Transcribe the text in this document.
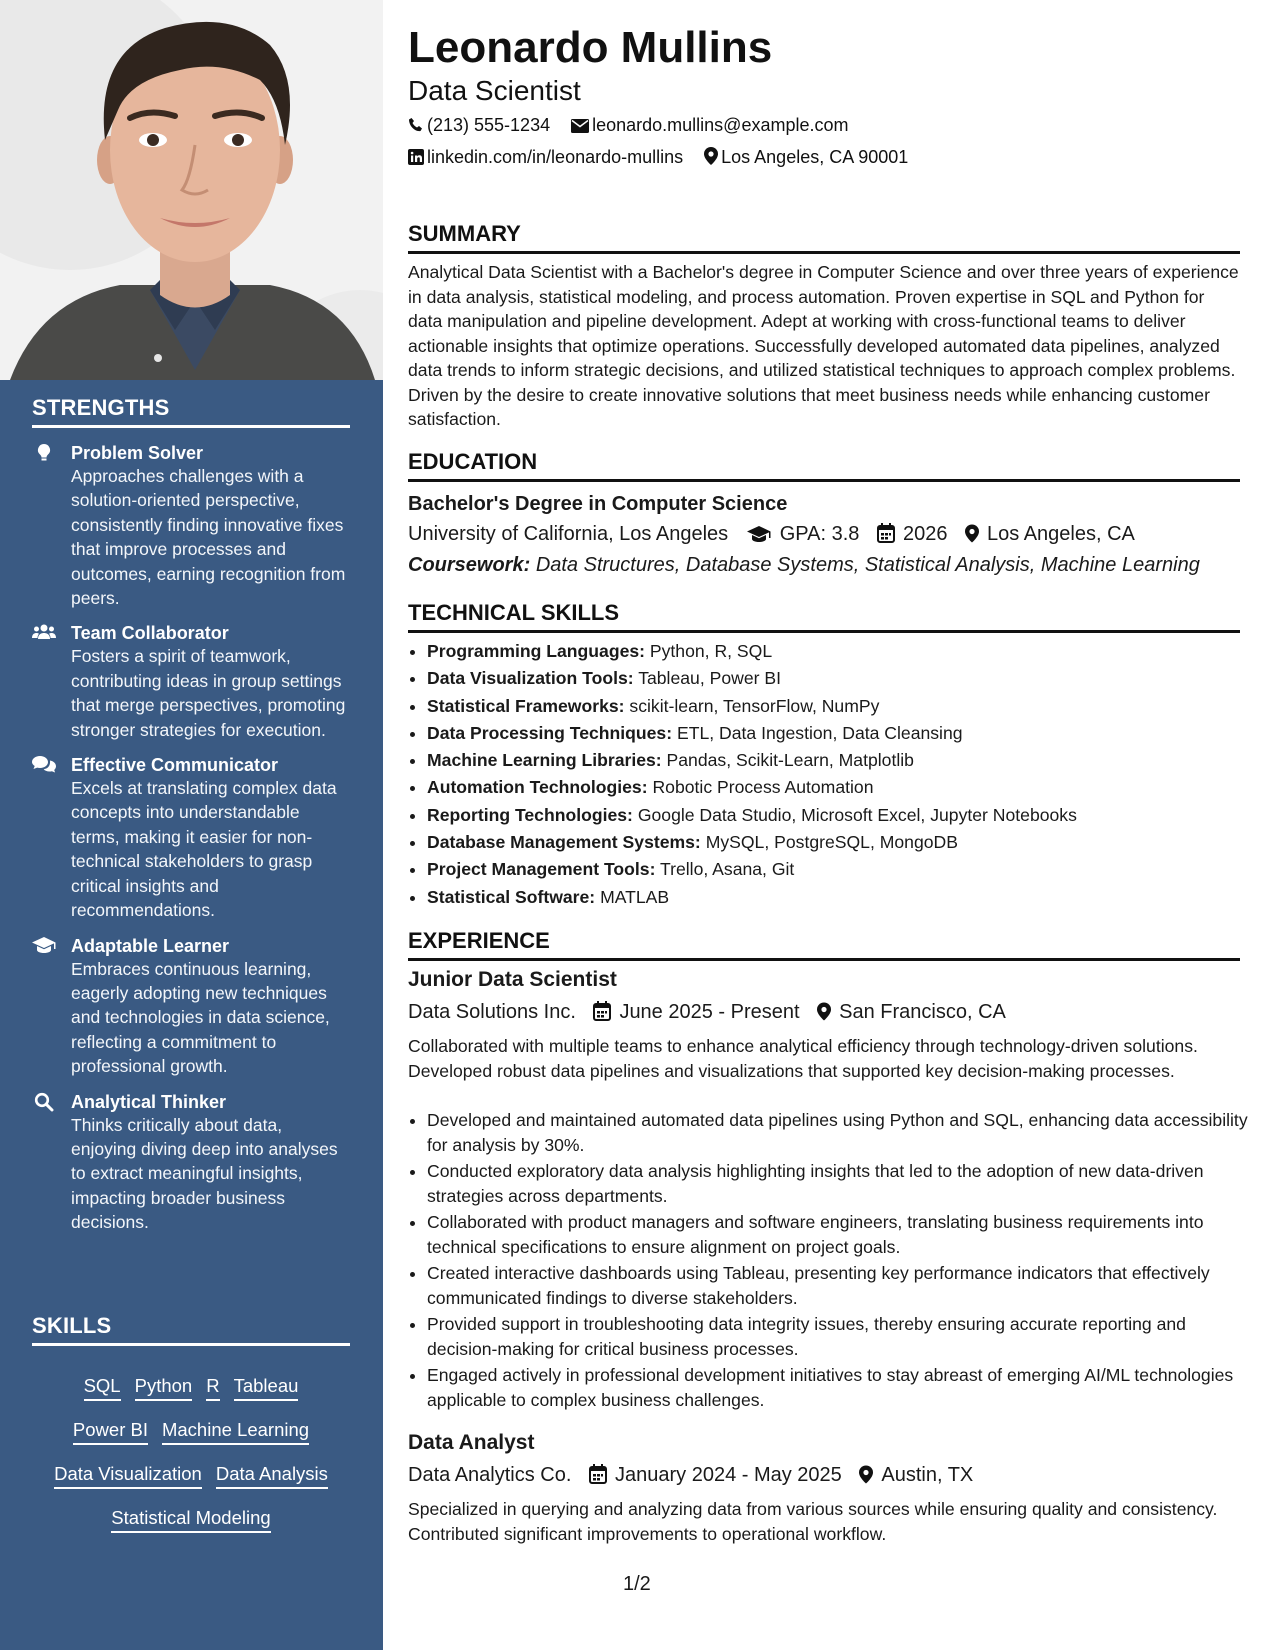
STRENGTHS
Problem Solver
Approaches challenges with a solution-oriented perspective, consistently finding innovative fixes that improve processes and outcomes, earning recognition from peers.
Team Collaborator
Fosters a spirit of teamwork, contributing ideas in group settings that merge perspectives, promoting stronger strategies for execution.
Effective Communicator
Excels at translating complex data concepts into understandable terms, making it easier for non-technical stakeholders to grasp critical insights and recommendations.
Adaptable Learner
Embraces continuous learning, eagerly adopting new techniques and technologies in data science, reflecting a commitment to professional growth.
Analytical Thinker
Thinks critically about data, enjoying diving deep into analyses to extract meaningful insights, impacting broader business decisions.
SKILLS
SQL Python R Tableau
Power BI Machine Learning
Data Visualization Data Analysis
Statistical Modeling
Leonardo Mullins
Data Scientist
(213) 555-1234 leonardo.mullins@example.com
linkedin.com/in/leonardo-mullins Los Angeles, CA 90001
SUMMARY
Analytical Data Scientist with a Bachelor's degree in Computer Science and over three years of experience in data analysis, statistical modeling, and process automation. Proven expertise in SQL and Python for data manipulation and pipeline development. Adept at working with cross-functional teams to deliver actionable insights that optimize operations. Successfully developed automated data pipelines, analyzed data trends to inform strategic decisions, and utilized statistical techniques to approach complex problems. Driven by the desire to create innovative solutions that meet business needs while enhancing customer satisfaction.
EDUCATION
Bachelor's Degree in Computer Science
University of California, Los Angeles	GPA: 3.8 2026 Los Angeles, CA
Coursework: Data Structures, Database Systems, Statistical Analysis, Machine Learning
TECHNICAL SKILLS
• Programming Languages: Python, R, SQL
• Data Visualization Tools: Tableau, Power BI
• Statistical Frameworks: scikit-learn, TensorFlow, NumPy
• Data Processing Techniques: ETL, Data Ingestion, Data Cleansing
• Machine Learning Libraries: Pandas, Scikit-Learn, Matplotlib
• Automation Technologies: Robotic Process Automation
• Reporting Technologies: Google Data Studio, Microsoft Excel, Jupyter Notebooks
• Database Management Systems: MySQL, PostgreSQL, MongoDB
• Project Management Tools: Trello, Asana, Git
• Statistical Software: MATLAB
EXPERIENCE
Junior Data Scientist
Data Solutions Inc. June 2025 - Present San Francisco, CA
Collaborated with multiple teams to enhance analytical efficiency through technology-driven solutions. Developed robust data pipelines and visualizations that supported key decision-making processes.
• Developed and maintained automated data pipelines using Python and SQL, enhancing data accessibility for analysis by 30%.
• Conducted exploratory data analysis highlighting insights that led to the adoption of new data-driven strategies across departments.
• Collaborated with product managers and software engineers, translating business requirements into technical specifications to ensure alignment on project goals.
• Created interactive dashboards using Tableau, presenting key performance indicators that effectively communicated findings to diverse stakeholders.
• Provided support in troubleshooting data integrity issues, thereby ensuring accurate reporting and decision-making for critical business processes.
• Engaged actively in professional development initiatives to stay abreast of emerging AI/ML technologies applicable to complex business challenges.
Data Analyst
Data Analytics Co. January 2024 - May 2025 Austin, TX
Specialized in querying and analyzing data from various sources while ensuring quality and consistency. Contributed significant improvements to operational workflow.
1/2
